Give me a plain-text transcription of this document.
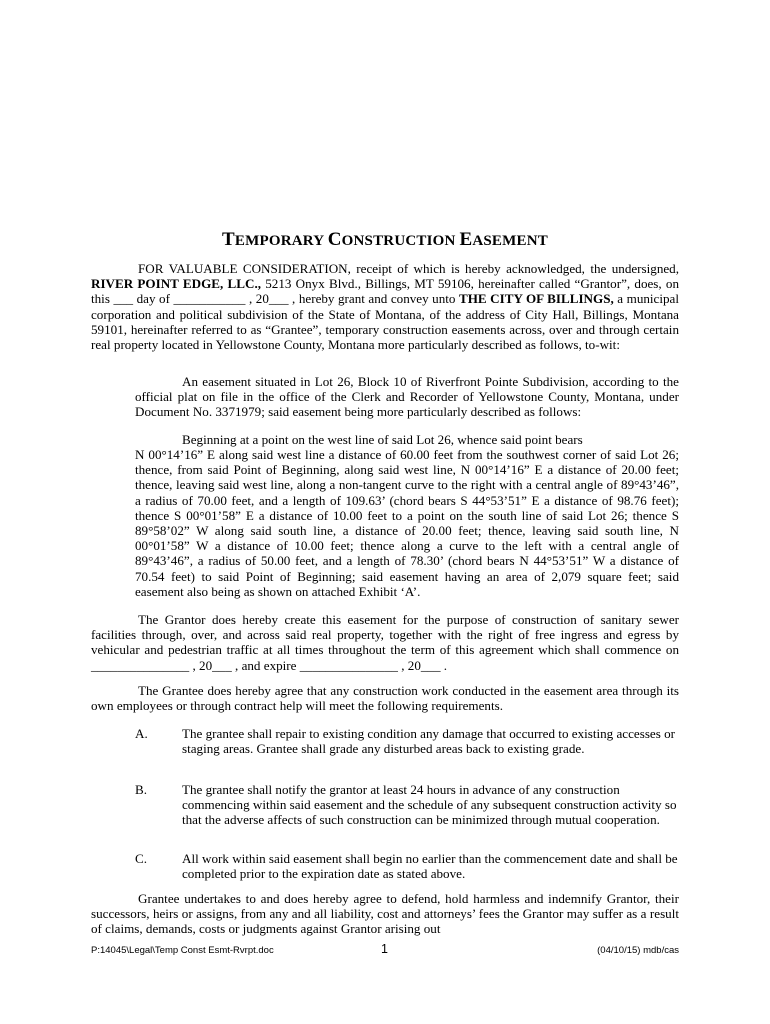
TEMPORARY CONSTRUCTION EASEMENT
FOR VALUABLE CONSIDERATION, receipt of which is hereby acknowledged, the undersigned, RIVER POINT EDGE, LLC., 5213 Onyx Blvd., Billings, MT 59106, hereinafter called “Grantor”, does, on this ___ day of ___________ , 20___ , hereby grant and convey unto THE CITY OF BILLINGS, a municipal corporation and political subdivision of the State of Montana, of the address of City Hall, Billings, Montana 59101, hereinafter referred to as “Grantee”, temporary construction easements across, over and through certain real property located in Yellowstone County, Montana more particularly described as follows, to-wit:
An easement situated in Lot 26, Block 10 of Riverfront Pointe Subdivision, according to the official plat on file in the office of the Clerk and Recorder of Yellowstone County, Montana, under Document No. 3371979; said easement being more particularly described as follows:
Beginning at a point on the west line of said Lot 26, whence said point bears
N 00°14’16” E along said west line a distance of 60.00 feet from the southwest corner of said Lot 26; thence, from said Point of Beginning, along said west line, N 00°14’16” E a distance of 20.00 feet; thence, leaving said west line, along a non-tangent curve to the right with a central angle of 89°43’46”, a radius of 70.00 feet, and a length of 109.63’ (chord bears S 44°53’51” E a distance of 98.76 feet); thence S 00°01’58” E a distance of 10.00 feet to a point on the south line of said Lot 26; thence S 89°58’02” W along said south line, a distance of 20.00 feet; thence, leaving said south line, N 00°01’58” W a distance of 10.00 feet; thence along a curve to the left with a central angle of 89°43’46”, a radius of 50.00 feet, and a length of 78.30’ (chord bears N 44°53’51” W a distance of 70.54 feet) to said Point of Beginning; said easement having an area of 2,079 square feet; said easement also being as shown on attached Exhibit ‘A’.
The Grantor does hereby create this easement for the purpose of construction of sanitary sewer facilities through, over, and across said real property, together with the right of free ingress and egress by vehicular and pedestrian traffic at all times throughout the term of this agreement which shall commence on _______________ , 20___ , and expire _______________ , 20___ .
The Grantee does hereby agree that any construction work conducted in the easement area through its own employees or through contract help will meet the following requirements.
A.	The grantee shall repair to existing condition any damage that occurred to existing accesses or staging areas. Grantee shall grade any disturbed areas back to existing grade.
B.	The grantee shall notify the grantor at least 24 hours in advance of any construction commencing within said easement and the schedule of any subsequent construction activity so that the adverse affects of such construction can be minimized through mutual cooperation.
C.	All work within said easement shall begin no earlier than the commencement date and shall be completed prior to the expiration date as stated above.
Grantee undertakes to and does hereby agree to defend, hold harmless and indemnify Grantor, their successors, heirs or assigns, from any and all liability, cost and attorneys’ fees the Grantor may suffer as a result of claims, demands, costs or judgments against Grantor arising out
P:14045\Legal\Temp Const Esmt-Rvrpt.doc	1	(04/10/15) mdb/cas
